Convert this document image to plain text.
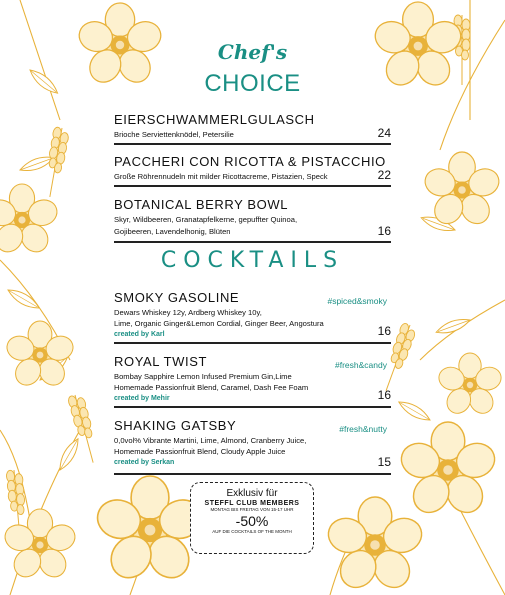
Chef's
CHOICE
EIERSCHWAMMERLGULASCH
Brioche Serviettenknödel, Petersilie	24
PACCHERI CON RICOTTA & PISTACCHIO
Große Röhrennudeln mit milder Ricottacreme, Pistazien, Speck	22
BOTANICAL BERRY BOWL
Skyr, Wildbeeren, Granatapfelkerne, gepuffter Quinoa,
Gojibeeren, Lavendelhonig, Blüten	16
COCKTAILS
SMOKY GASOLINE	#spiced&smoky
Dewars Whiskey 12y, Ardberg Whiskey 10y,
Lime, Organic Ginger&Lemon Cordial, Ginger Beer, Angostura
created by Karl	16
ROYAL TWIST	#fresh&candy
Bombay Sapphire Lemon Infused Premium Gin,Lime
Homemade Passionfruit Blend, Caramel, Dash Fee Foam
created by Mehir	16
SHAKING GATSBY	#fresh&nutty
0,0vol% Vibrante Martini, Lime, Almond, Cranberry Juice,
Homemade Passionfruit Blend, Cloudy Apple Juice
created by Serkan	15
Exklusiv für
STEFFL CLUB MEMBERS
MONTAG BIS FREITAG VON 15-17 UHR
-50%
AUF DIE COCKTAILS OF THE MONTH
